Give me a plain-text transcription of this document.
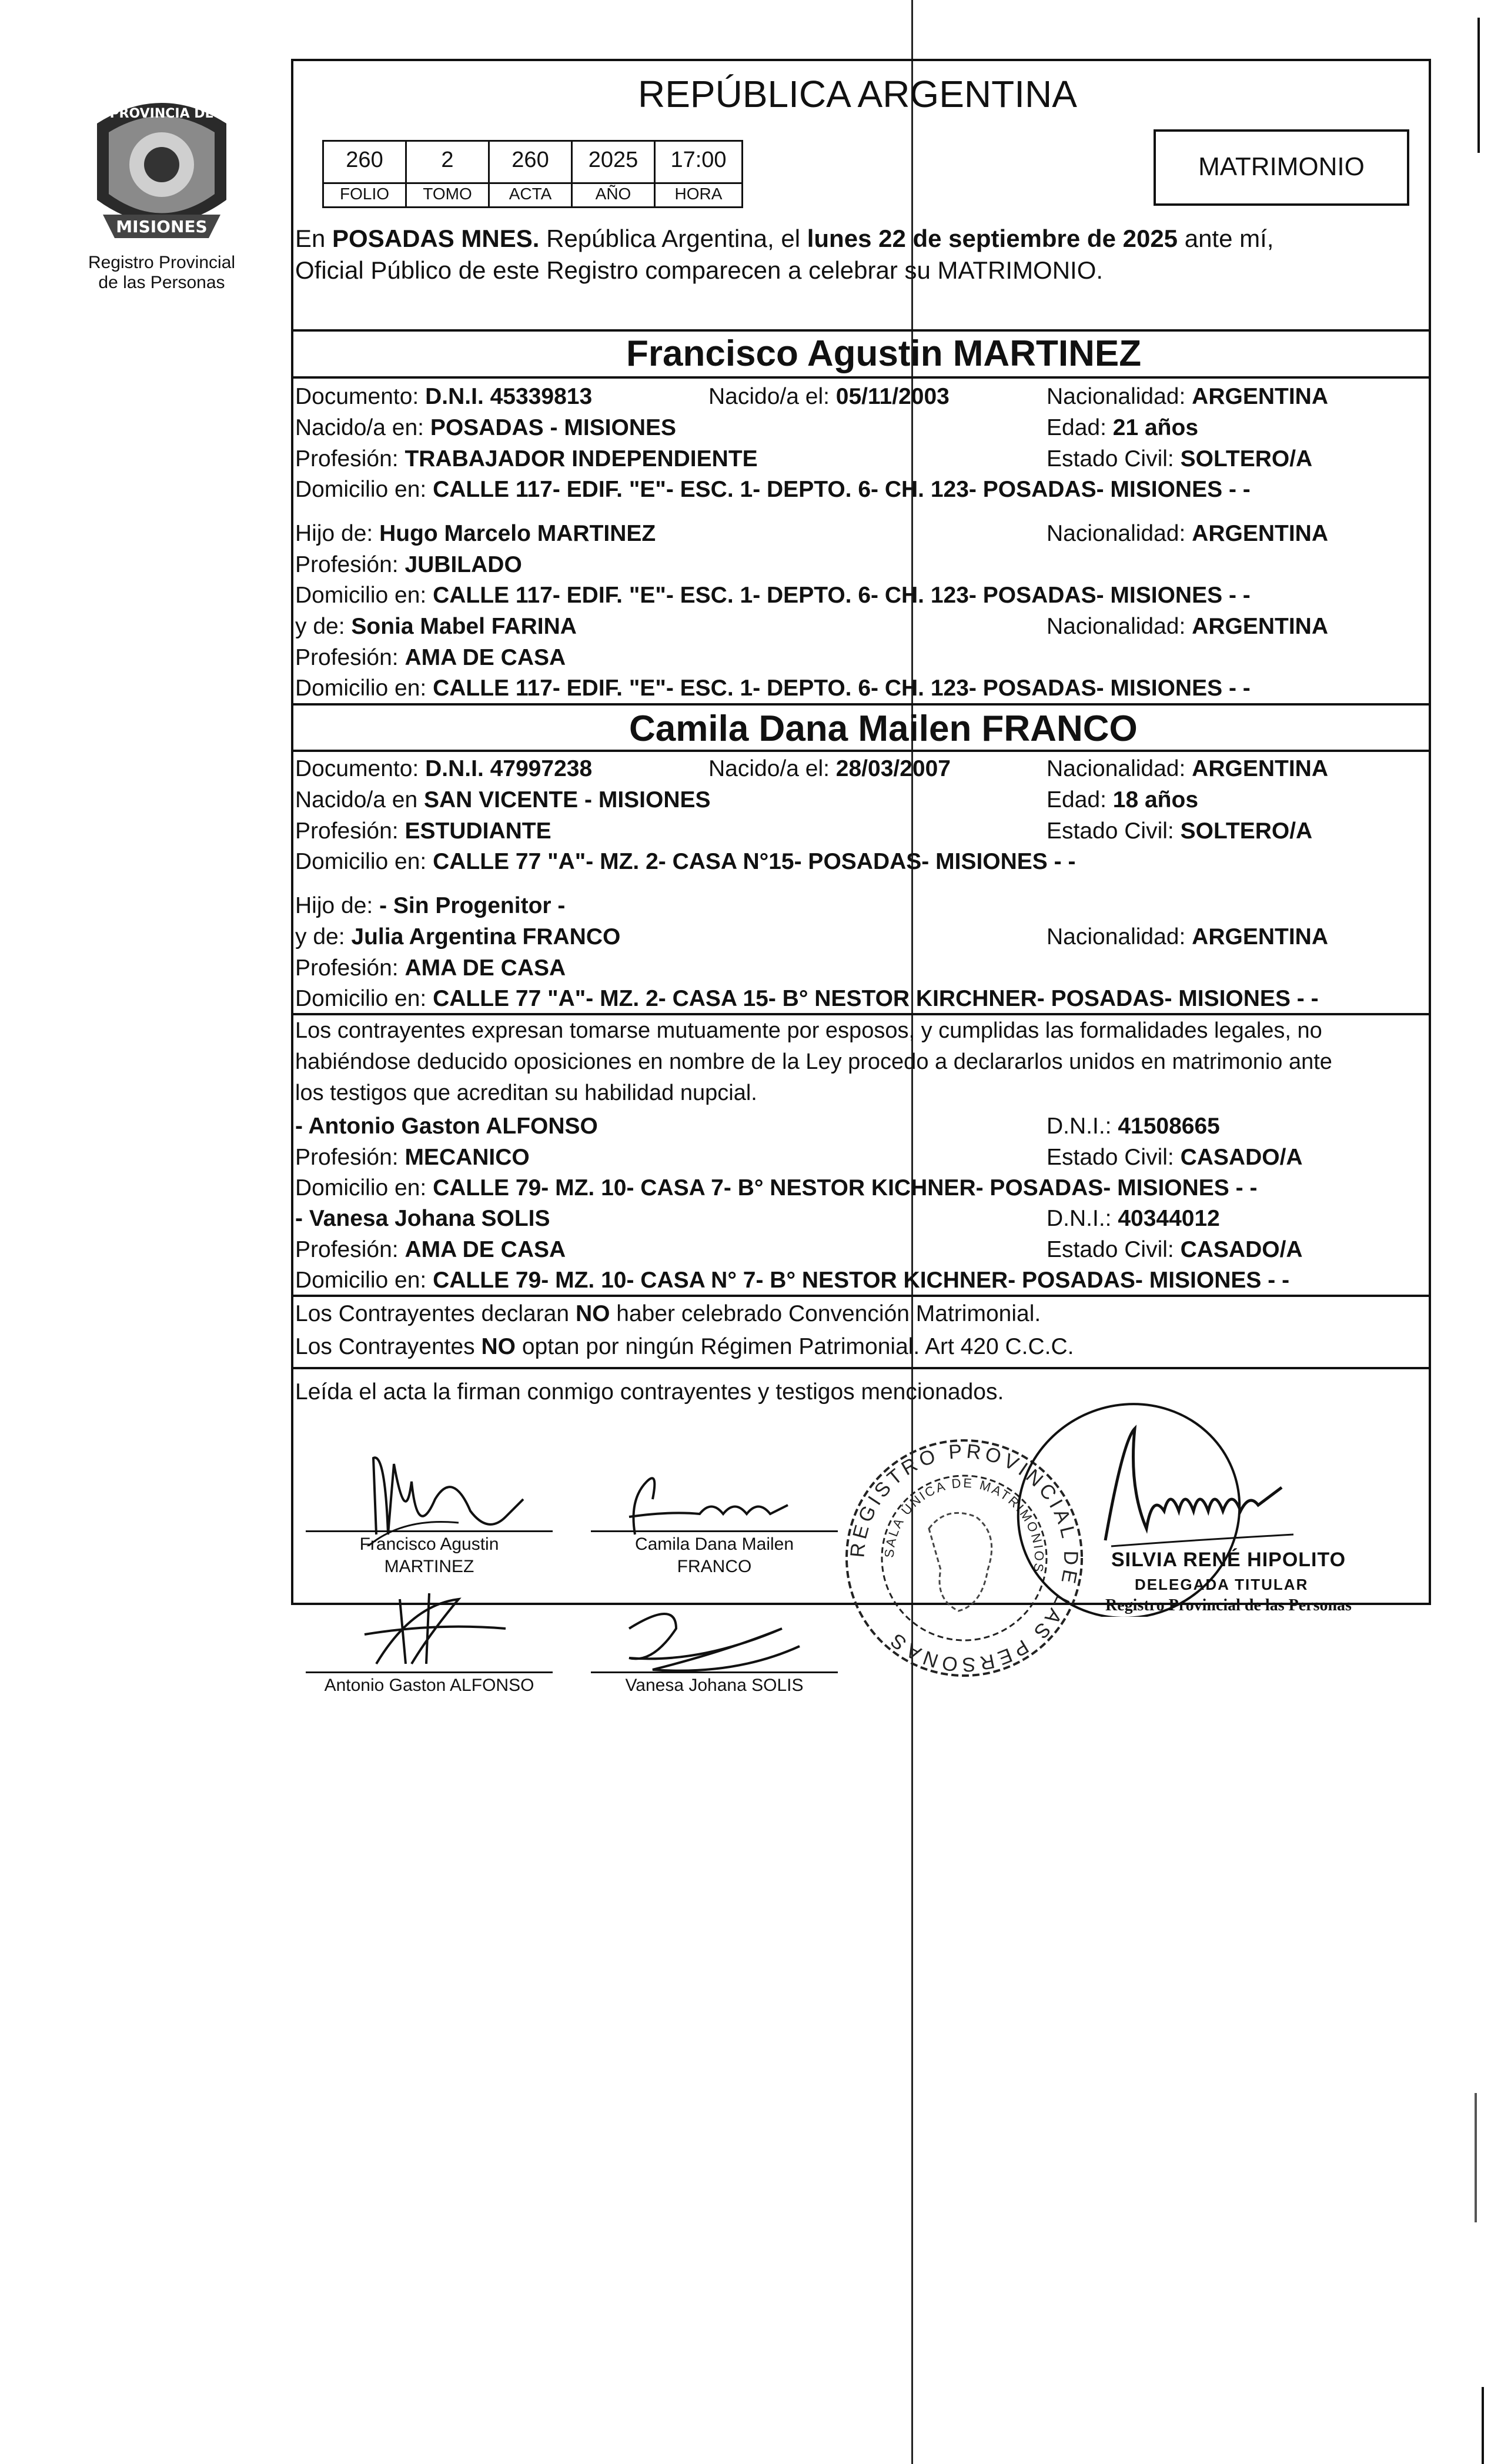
PROVINCIA DE
MISIONES
Registro Provincial
de las Personas
REPÚBLICA ARGENTINA
260	2	260	2025	17:00
FOLIO	TOMO	ACTA	AÑO	HORA
MATRIMONIO
En POSADAS MNES. República Argentina, el lunes 22 de septiembre de 2025 ante mí,
Oficial Público de este Registro comparecen a celebrar su MATRIMONIO.
Francisco Agustin MARTINEZ
Documento: D.N.I. 45339813	Nacido/a el: 05/11/2003	Nacionalidad: ARGENTINA
Nacido/a en: POSADAS - MISIONES	Edad: 21 años
Profesión: TRABAJADOR INDEPENDIENTE	Estado Civil: SOLTERO/A
Domicilio en: CALLE 117- EDIF. "E"- ESC. 1- DEPTO. 6- CH. 123- POSADAS- MISIONES - -
Hijo de: Hugo Marcelo MARTINEZ	Nacionalidad: ARGENTINA
Profesión: JUBILADO
Domicilio en: CALLE 117- EDIF. "E"- ESC. 1- DEPTO. 6- CH. 123- POSADAS- MISIONES - -
y de: Sonia Mabel FARINA	Nacionalidad: ARGENTINA
Profesión: AMA DE CASA
Domicilio en: CALLE 117- EDIF. "E"- ESC. 1- DEPTO. 6- CH. 123- POSADAS- MISIONES - -
Camila Dana Mailen FRANCO
Documento: D.N.I. 47997238	Nacido/a el: 28/03/2007	Nacionalidad: ARGENTINA
Nacido/a en SAN VICENTE - MISIONES	Edad: 18 años
Profesión: ESTUDIANTE	Estado Civil: SOLTERO/A
Domicilio en: CALLE 77 "A"- MZ. 2- CASA N°15- POSADAS- MISIONES - -
Hijo de: - Sin Progenitor -
y de: Julia Argentina FRANCO	Nacionalidad: ARGENTINA
Profesión: AMA DE CASA
Domicilio en: CALLE 77 "A"- MZ. 2- CASA 15- B° NESTOR KIRCHNER- POSADAS- MISIONES - -
Los contrayentes expresan tomarse mutuamente por esposos, y cumplidas las formalidades legales, no
habiéndose deducido oposiciones en nombre de la Ley procedo a declararlos unidos en matrimonio ante
los testigos que acreditan su habilidad nupcial.
- Antonio Gaston ALFONSO	D.N.I.: 41508665
Profesión: MECANICO	Estado Civil: CASADO/A
Domicilio en: CALLE 79- MZ. 10- CASA 7- B° NESTOR KICHNER- POSADAS- MISIONES - -
- Vanesa Johana SOLIS	D.N.I.: 40344012
Profesión: AMA DE CASA	Estado Civil: CASADO/A
Domicilio en: CALLE 79- MZ. 10- CASA N° 7- B° NESTOR KICHNER- POSADAS- MISIONES - -
Los Contrayentes declaran NO haber celebrado Convención Matrimonial.
Los Contrayentes NO optan por ningún Régimen Patrimonial. Art 420 C.C.C.
Leída el acta la firman conmigo contrayentes y testigos mencionados.
Francisco Agustin
MARTINEZ
Camila Dana Mailen
FRANCO
Antonio Gaston ALFONSO	Vanesa Johana SOLIS
REGISTRO PROVINCIAL DE LAS PERSONAS
SALA ÚNICA DE MATRIMONIOS	SILVIA RENÉ HIPOLITO
DELEGADA TITULAR
Registro Provincial de las Personas
